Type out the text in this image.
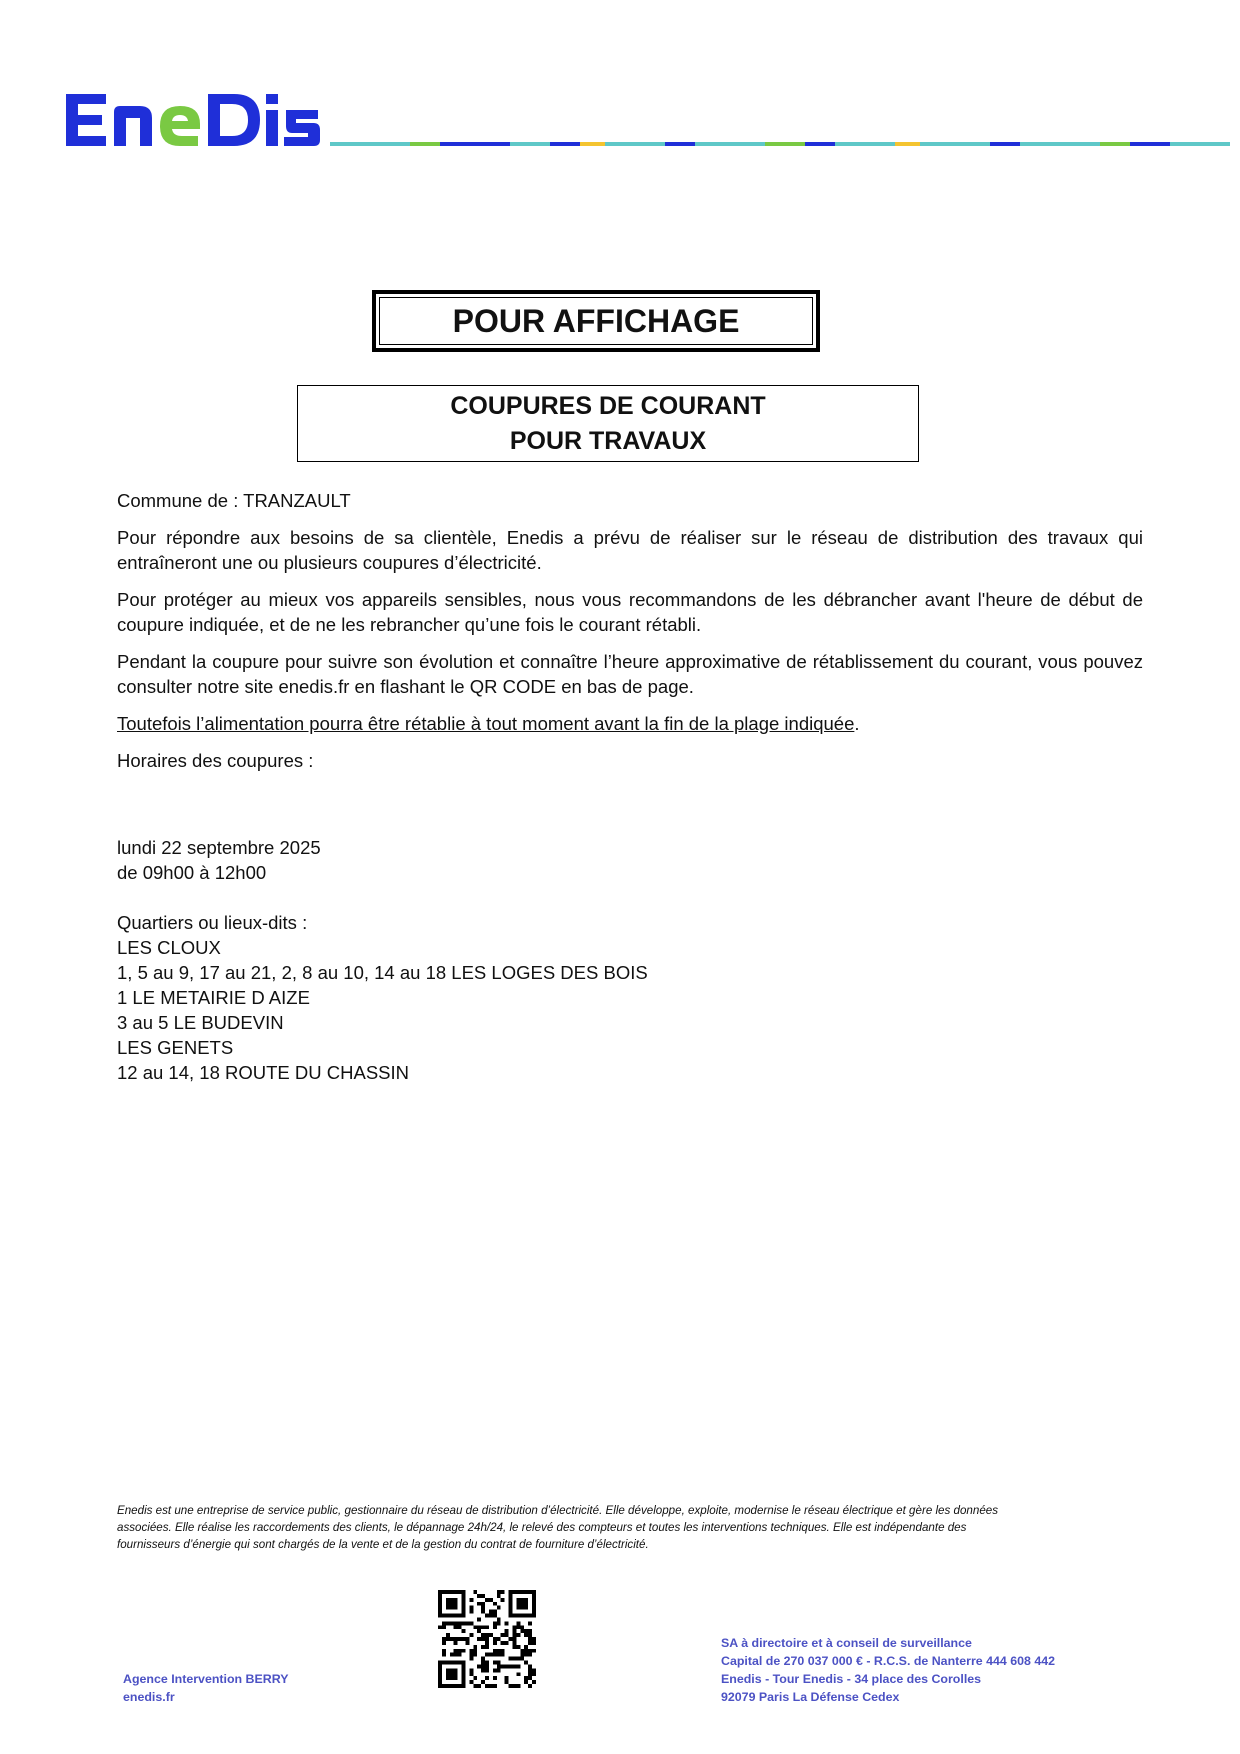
POUR AFFICHAGE
COUPURES DE COURANT
POUR TRAVAUX

Commune de : TRANZAULT

Pour répondre aux besoins de sa clientèle, Enedis a prévu de réaliser sur le réseau de distribution des travaux qui entraîneront une ou plusieurs coupures d’électricité.

Pour protéger au mieux vos appareils sensibles, nous vous recommandons de les débrancher avant l'heure de début de coupure indiquée, et de ne les rebrancher qu’une fois le courant rétabli.

Pendant la coupure pour suivre son évolution et connaître l’heure approximative de rétablissement du courant, vous pouvez consulter notre site enedis.fr en flashant le QR CODE en bas de page.

Toutefois l’alimentation pourra être rétablie à tout moment avant la fin de la plage indiquée.

Horaires des coupures :

lundi 22 septembre 2025

de 09h00 à 12h00

Quartiers ou lieux-dits :

LES CLOUX

1, 5 au 9, 17 au 21, 2, 8 au 10, 14 au 18 LES LOGES DES BOIS

1 LE METAIRIE D AIZE

3 au 5 LE BUDEVIN

LES GENETS

12 au 14, 18 ROUTE DU CHASSIN

Enedis est une entreprise de service public, gestionnaire du réseau de distribution d’électricité. Elle développe, exploite, modernise le réseau électrique et gère les données

associées. Elle réalise les raccordements des clients, le dépannage 24h/24, le relevé des compteurs et toutes les interventions techniques. Elle est indépendante des

fournisseurs d’énergie qui sont chargés de la vente et de la gestion du contrat de fourniture d’électricité.

Agence Intervention BERRY

enedis.fr

SA à directoire et à conseil de surveillance

Capital de 270 037 000 € - R.C.S. de Nanterre 444 608 442

Enedis - Tour Enedis - 34 place des Corolles

92079 Paris La Défense Cedex
